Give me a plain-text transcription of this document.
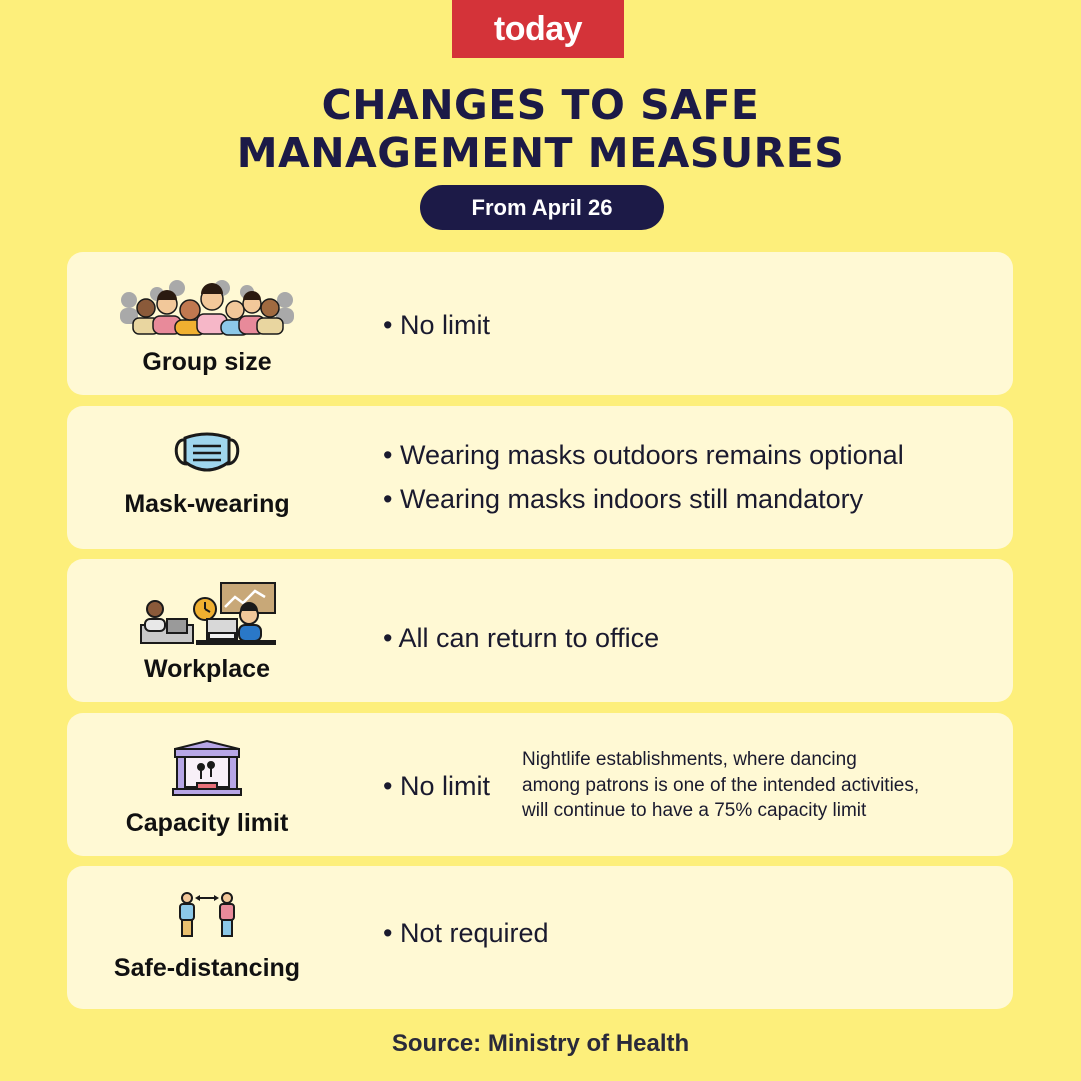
today
CHANGES TO SAFE
MANAGEMENT MEASURES
From April 26
Group size
• No limit
Mask-wearing
• Wearing masks outdoors remains optional
• Wearing masks indoors still mandatory
Workplace
• All can return to office
Capacity limit
• No limit
Nightlife establishments, where dancing
among patrons is one of the intended activities,
will continue to have a 75% capacity limit
Safe-distancing
• Not required
Source: Ministry of Health
